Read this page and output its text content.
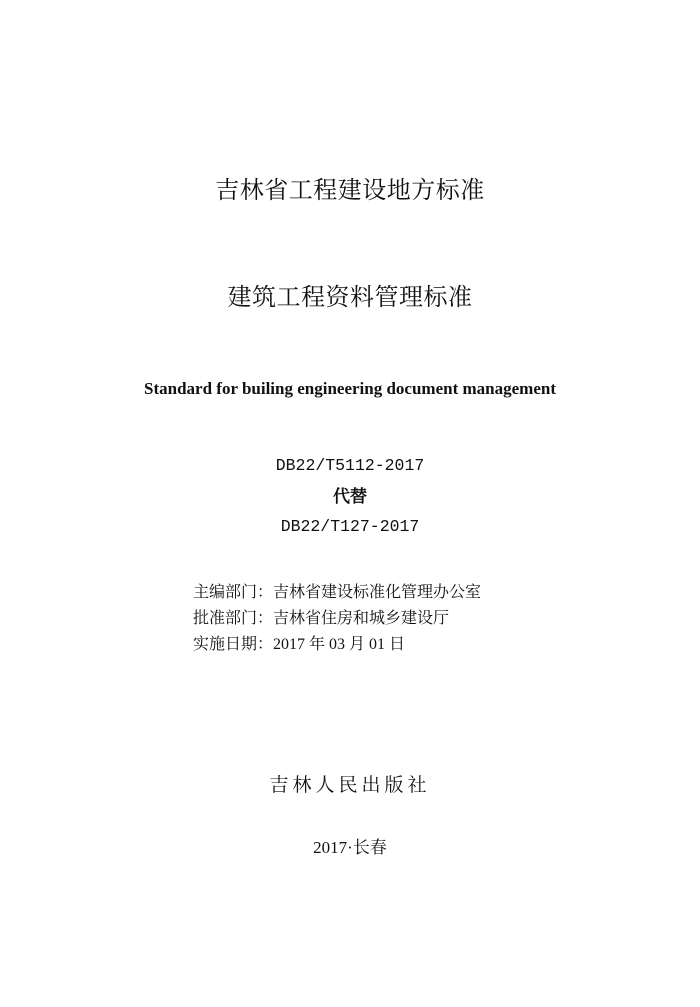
吉林省工程建设地方标准
建筑工程资料管理标准
Standard for builing engineering document management
DB22/T5112-2017
代替
DB22/T127-2017
主编部门：吉林省建设标准化管理办公室
批准部门：吉林省住房和城乡建设厅
实施日期：2017 年 03 月 01 日
吉林人民出版社
2017·长春
